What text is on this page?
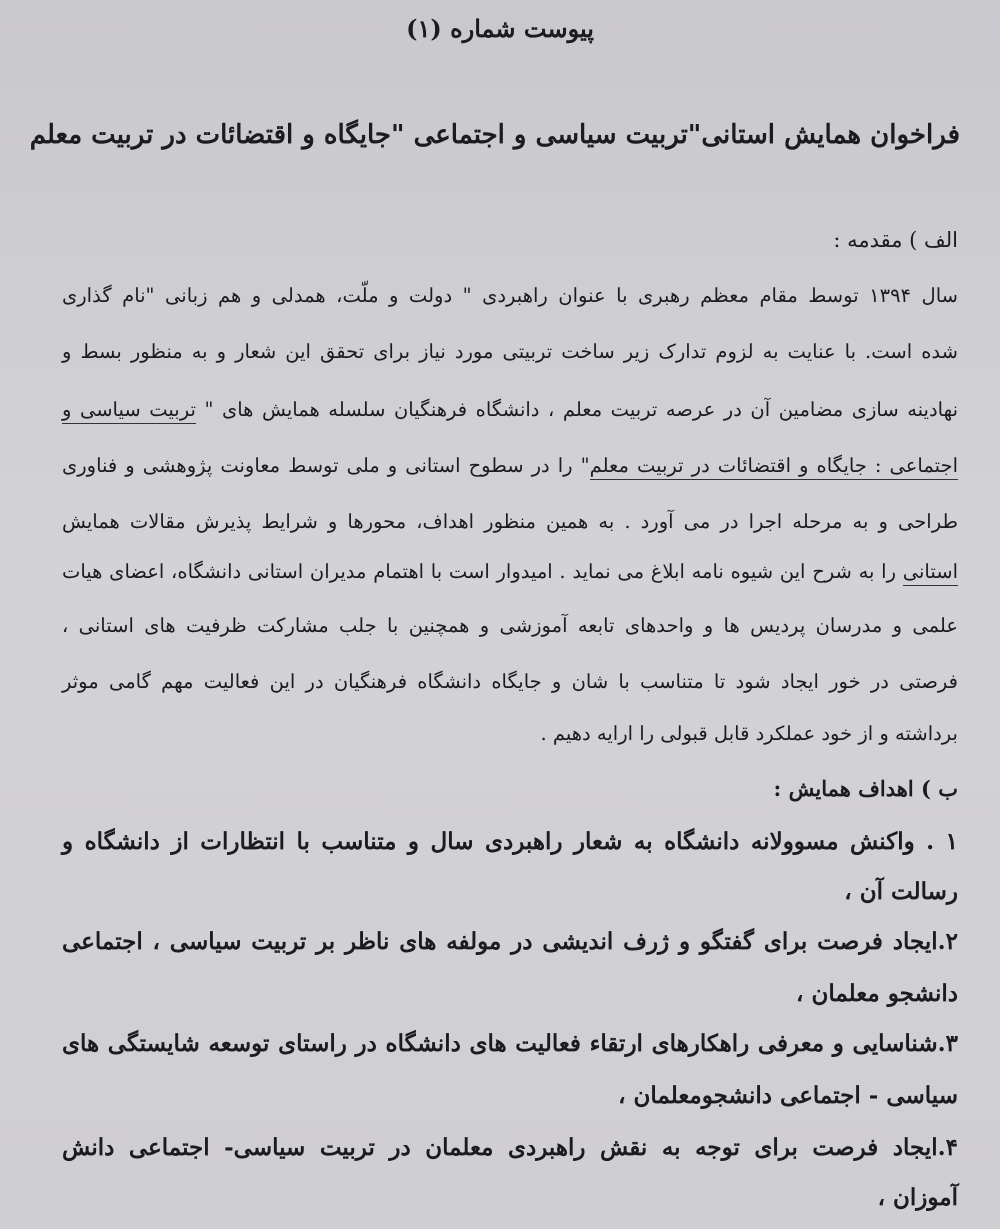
پیوست شماره (۱)
فراخوان همایش استانی"تربیت سیاسی و اجتماعی "جایگاه و اقتضائات در تربیت معلم
الف ) مقدمه :
سال ۱۳۹۴ توسط مقام معظم رهبری با عنوان راهبردی " دولت و ملّت، همدلی و هم زبانی "نام گذاری
شده است. با عنایت به لزوم تدارک زیر ساخت تربیتی مورد نیاز برای تحقق این شعار و به منظور بسط و
نهادینه سازی مضامین آن در عرصه تربیت معلم ، دانشگاه فرهنگیان سلسله همایش های " تربیت سیاسی و
اجتماعی : جایگاه و اقتضائات در تربیت معلم" را در سطوح استانی و ملی توسط معاونت پژوهشی و فناوری
طراحی و به مرحله اجرا در می آورد . به همین منظور اهداف، محورها و شرایط پذیرش مقالات همایش
استانی را به شرح این شیوه نامه ابلاغ می نماید . امیدوار است با اهتمام مدیران استانی دانشگاه، اعضای هیات
علمی و مدرسان پردیس ها و واحدهای تابعه آموزشی و همچنین با جلب مشارکت ظرفیت های استانی ،
فرصتی در خور ایجاد شود تا متناسب با شان و جایگاه دانشگاه فرهنگیان در این فعالیت مهم گامی موثر
برداشته و از خود عملکرد قابل قبولی را ارایه دهیم .
ب ) اهداف همایش :
۱ . واکنش مسوولانه دانشگاه به شعار راهبردی سال و متناسب با انتظارات از دانشگاه و
رسالت آن ،
۲.ایجاد فرصت برای گفتگو و ژرف اندیشی در مولفه های ناظر بر تربیت سیاسی ، اجتماعی
دانشجو معلمان ،
۳.شناسایی و معرفی راهکارهای ارتقاء فعالیت های دانشگاه در راستای توسعه شایستگی های
سیاسی - اجتماعی دانشجومعلمان ،
۴.ایجاد فرصت برای توجه به نقش راهبردی معلمان در تربیت سیاسی- اجتماعی دانش
آموزان ،
